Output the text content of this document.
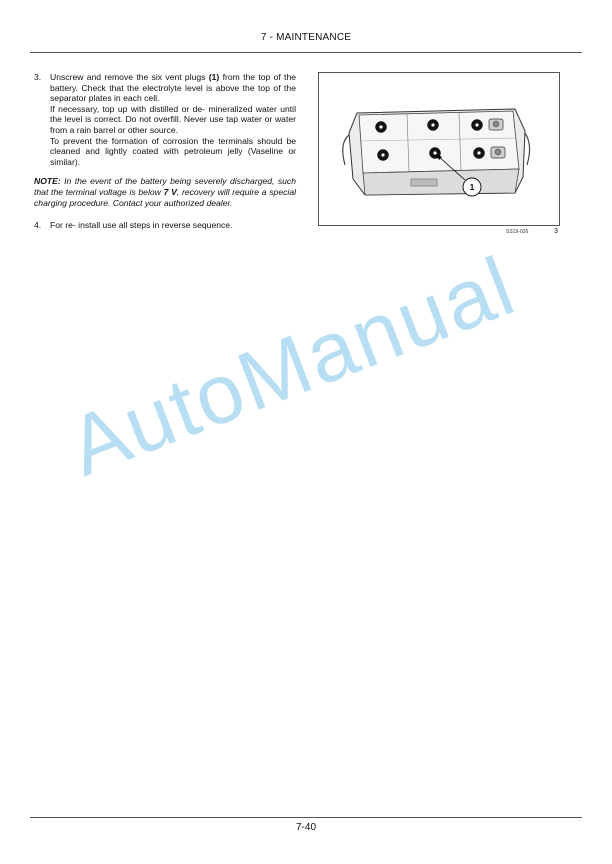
7 - MAINTENANCE
3.	Unscrew and remove the six vent plugs (1) from the top of the battery. Check that the electrolyte level is above the top of the separator plates in each cell.

If necessary, top up with distilled or de- mineralized water until the level is correct. Do not overfill. Never use tap water or water from a rain barrel or other source.

To prevent the formation of corrosion the terminals should be cleaned and lightly coated with petroleum jelly (Vaseline or similar).

NOTE: In the event of the battery being severely discharged, such that the terminal voltage is below 7 V, recovery will require a special charging procedure. Contact your authorized dealer.
4.	For re- install use all steps in reverse sequence.
1
SS19-026	3
AutoManual
7-40
